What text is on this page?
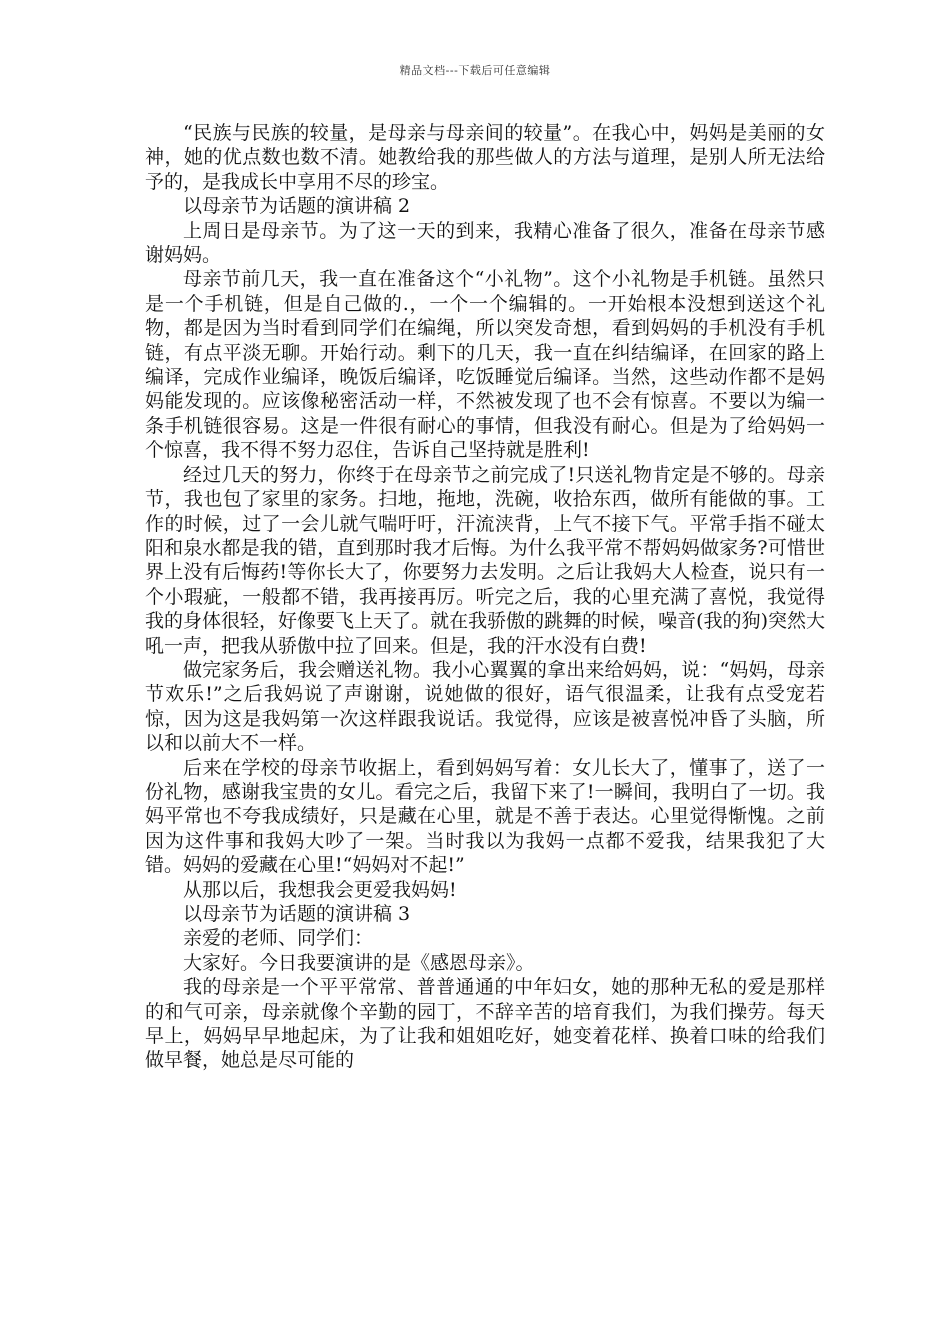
精品文档---下载后可任意编辑

“民族与民族的较量，是母亲与母亲间的较量”。在我心中，妈妈是美丽的女神，她的优点数也数不清。她教给我的那些做人的方法与道理，是别人所无法给予的，是我成长中享用不尽的珍宝。

以母亲节为话题的演讲稿 2

上周日是母亲节。为了这一天的到来，我精心准备了很久，准备在母亲节感谢妈妈。

母亲节前几天，我一直在准备这个“小礼物”。这个小礼物是手机链。虽然只是一个手机链，但是自己做的.，一个一个编辑的。一开始根本没想到送这个礼物，都是因为当时看到同学们在编绳，所以突发奇想，看到妈妈的手机没有手机链，有点平淡无聊。开始行动。剩下的几天，我一直在纠结编译，在回家的路上编译，完成作业编译，晚饭后编译，吃饭睡觉后编译。当然，这些动作都不是妈妈能发现的。应该像秘密活动一样，不然被发现了也不会有惊喜。不要以为编一条手机链很容易。这是一件很有耐心的事情，但我没有耐心。但是为了给妈妈一个惊喜，我不得不努力忍住，告诉自己坚持就是胜利!

经过几天的努力，你终于在母亲节之前完成了!只送礼物肯定是不够的。母亲节，我也包了家里的家务。扫地，拖地，洗碗，收拾东西，做所有能做的事。工作的时候，过了一会儿就气喘吁吁，汗流浃背，上气不接下气。平常手指不碰太阳和泉水都是我的错，直到那时我才后悔。为什么我平常不帮妈妈做家务?可惜世界上没有后悔药!等你长大了，你要努力去发明。之后让我妈大人检查，说只有一个小瑕疵，一般都不错，我再接再厉。听完之后，我的心里充满了喜悦，我觉得我的身体很轻，好像要飞上天了。就在我骄傲的跳舞的时候，噪音(我的狗)突然大吼一声，把我从骄傲中拉了回来。但是，我的汗水没有白费!

做完家务后，我会赠送礼物。我小心翼翼的拿出来给妈妈，说：“妈妈，母亲节欢乐!”之后我妈说了声谢谢，说她做的很好，语气很温柔，让我有点受宠若惊，因为这是我妈第一次这样跟我说话。我觉得，应该是被喜悦冲昏了头脑，所以和以前大不一样。

后来在学校的母亲节收据上，看到妈妈写着：女儿长大了，懂事了，送了一份礼物，感谢我宝贵的女儿。看完之后，我留下来了!一瞬间，我明白了一切。我妈平常也不夸我成绩好，只是藏在心里，就是不善于表达。心里觉得惭愧。之前因为这件事和我妈大吵了一架。当时我以为我妈一点都不爱我，结果我犯了大错。妈妈的爱藏在心里!“妈妈对不起!”

从那以后，我想我会更爱我妈妈!

以母亲节为话题的演讲稿 3

亲爱的老师、同学们：

大家好。今日我要演讲的是《感恩母亲》。

我的母亲是一个平平常常、普普通通的中年妇女，她的那种无私的爱是那样的和气可亲，母亲就像个辛勤的园丁，不辞辛苦的培育我们，为我们操劳。每天早上，妈妈早早地起床，为了让我和姐姐吃好，她变着花样、换着口味的给我们做早餐，她总是尽可能的
